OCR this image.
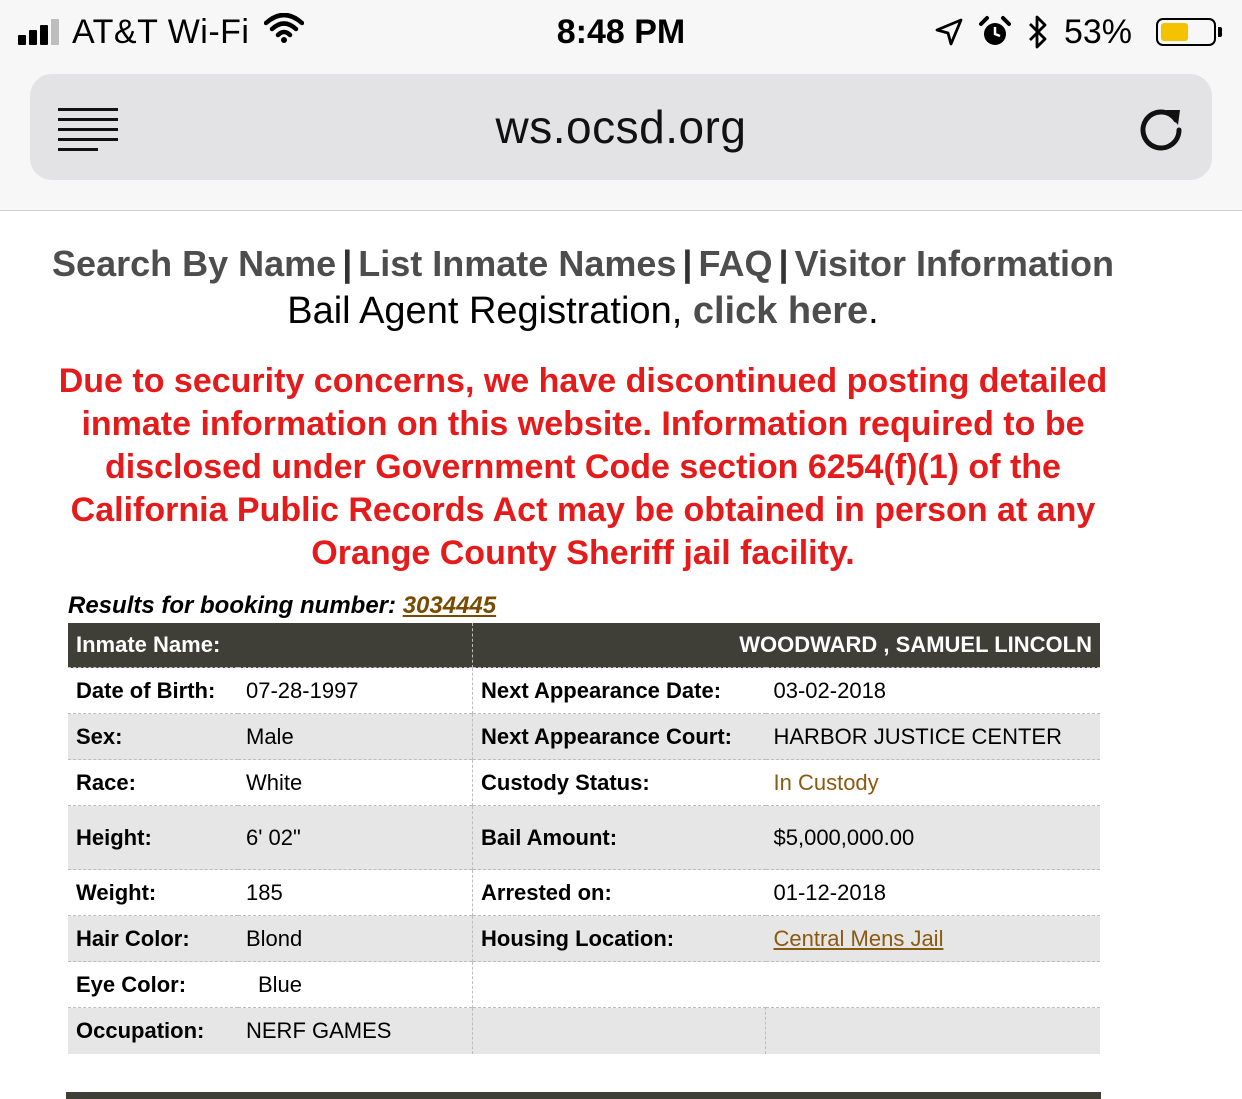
AT&T Wi-Fi	8:48 PM	53%
ws.ocsd.org
Search By Name | List Inmate Names | FAQ | Visitor Information
Bail Agent Registration, click here.
Due to security concerns, we have discontinued posting detailed inmate information on this website. Information required to be disclosed under Government Code section 6254(f)(1) of the California Public Records Act may be obtained in person at any Orange County Sheriff jail facility.
Results for booking number: 3034445
Inmate Name:		WOODWARD , SAMUEL LINCOLN	
Date of Birth:	07-28-1997	Next Appearance Date:	03-02-2018
Sex:	Male	Next Appearance Court:	HARBOR JUSTICE CENTER
Race:	White	Custody Status:	In Custody
Height:	6' 02"	Bail Amount:	$5,000,000.00
Weight:	185	Arrested on:	01-12-2018
Hair Color:	Blond	Housing Location:	Central Mens Jail
Eye Color:	Blue		
Occupation:	NERF GAMES		
